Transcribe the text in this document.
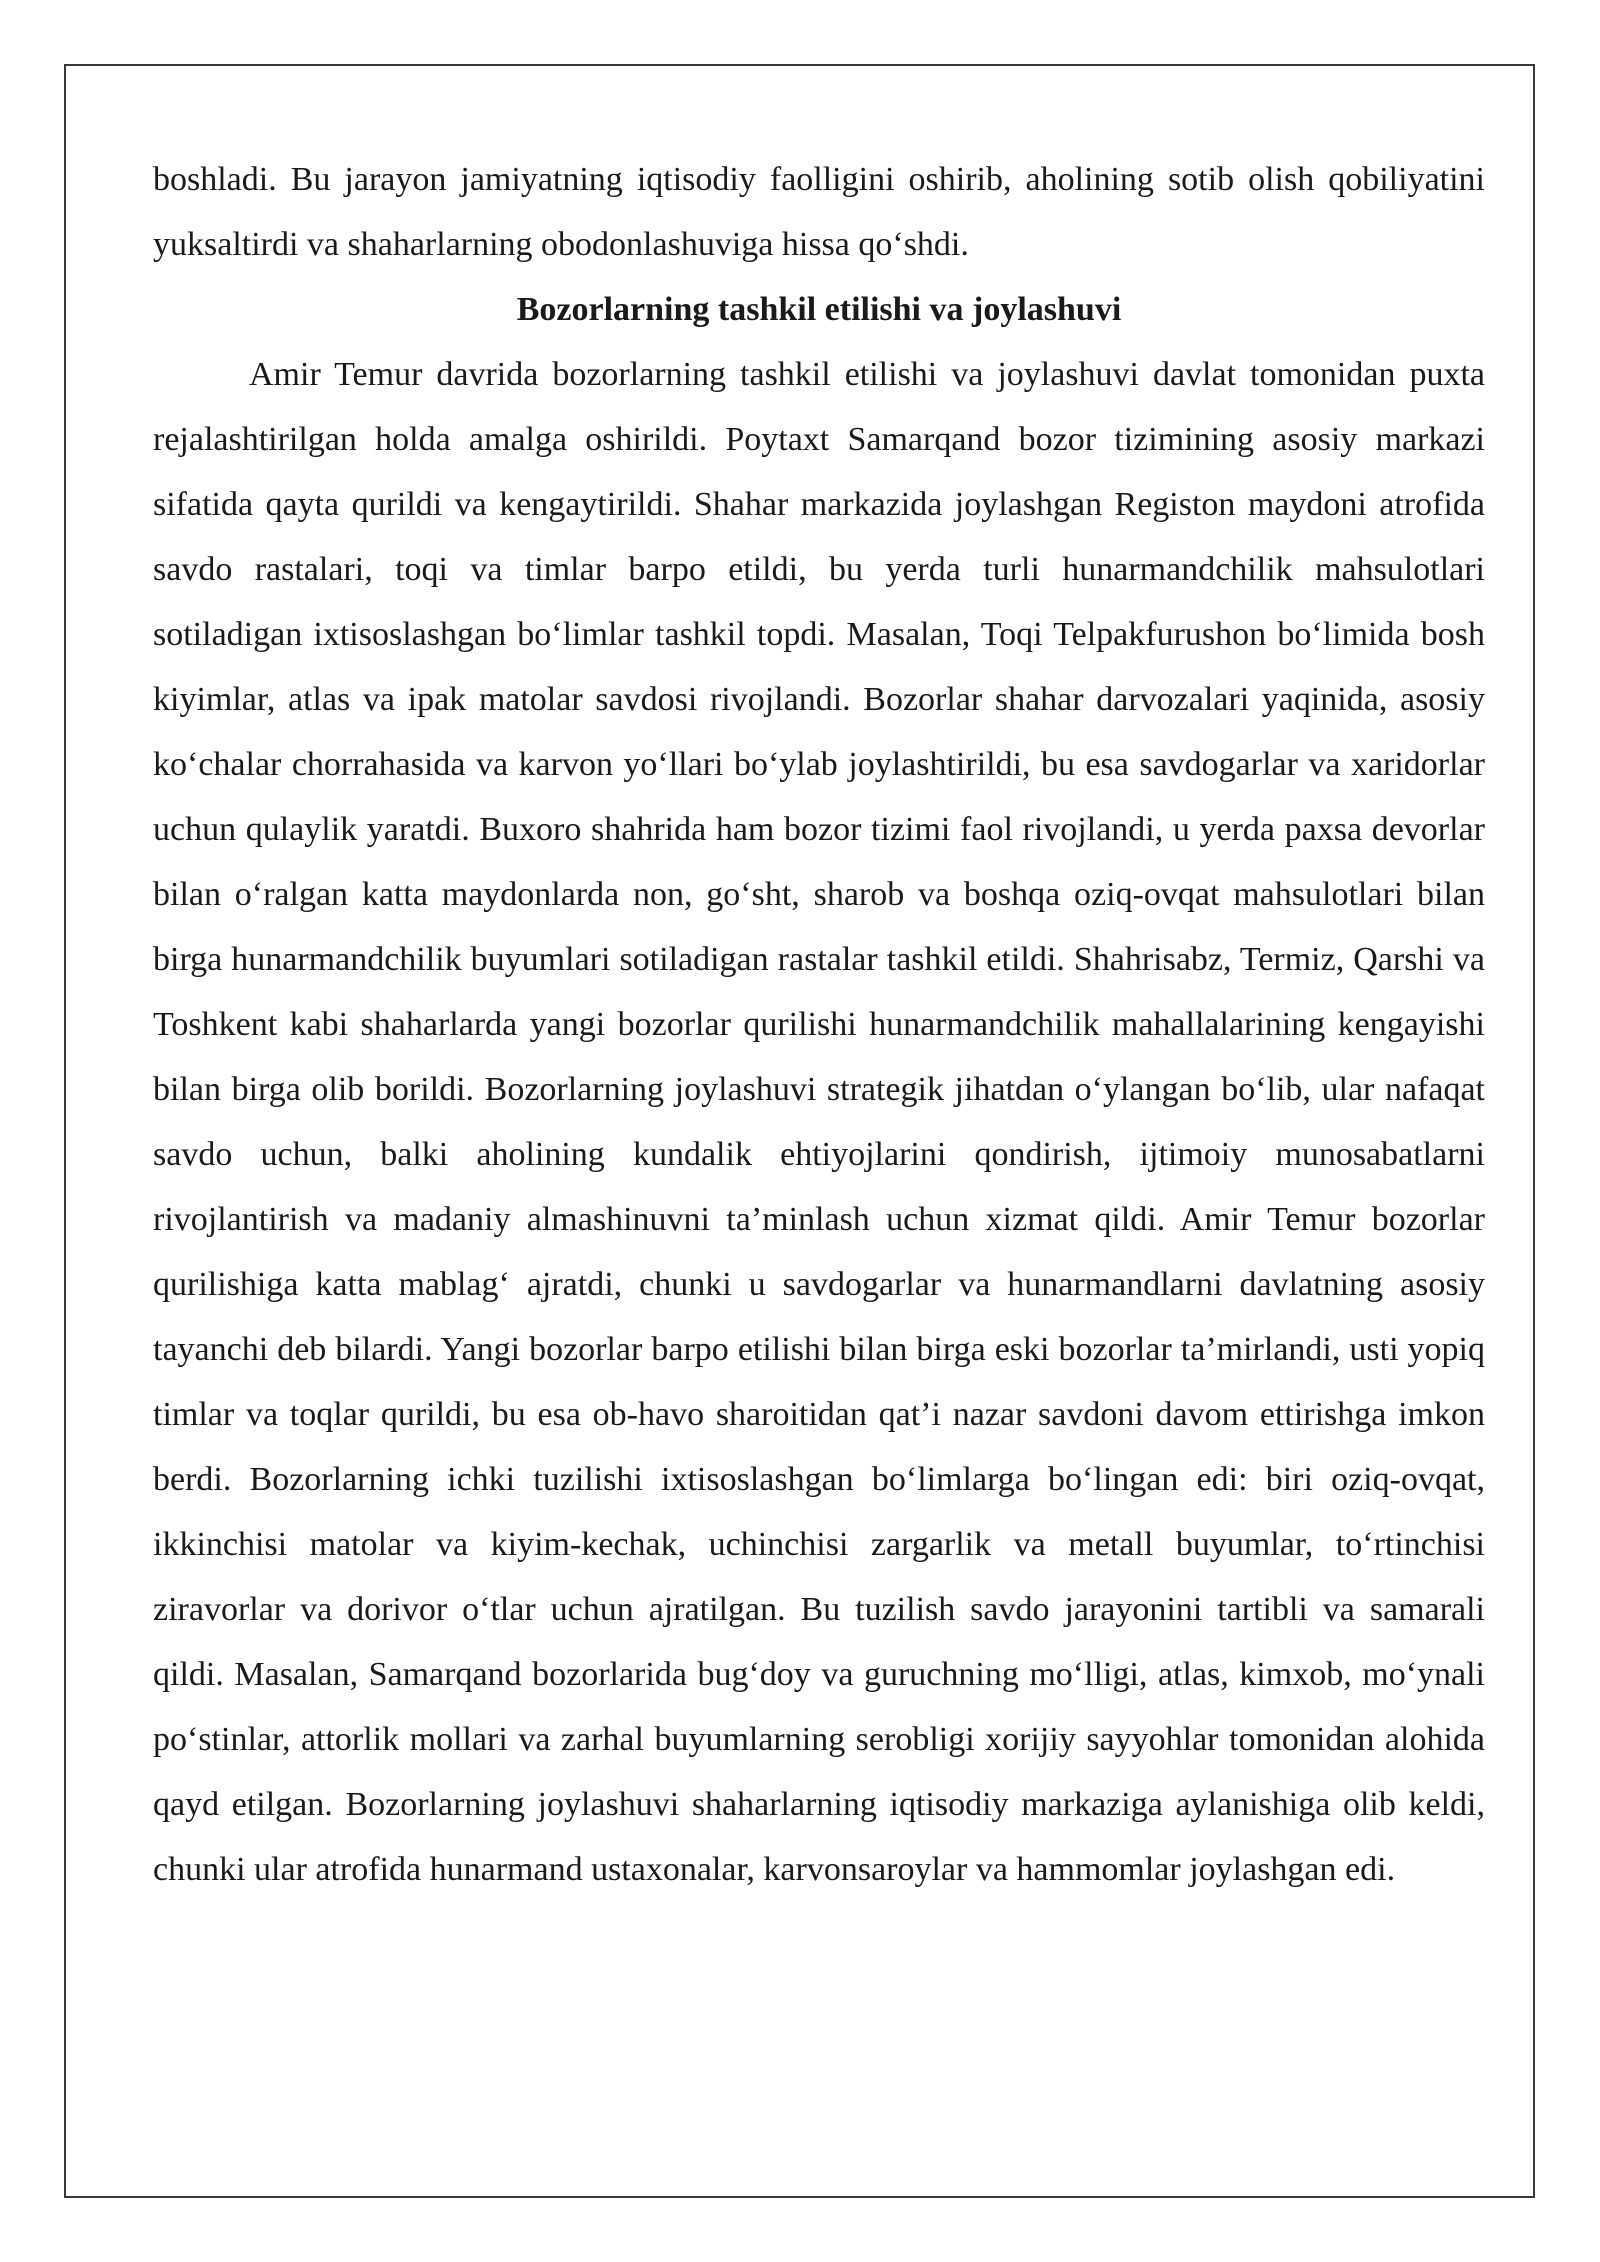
boshladi. Bu jarayon jamiyatning iqtisodiy faolligini oshirib, aholining sotib olish qobiliyatini yuksaltirdi va shaharlarning obodonlashuviga hissa qo‘shdi.

Bozorlarning tashkil etilishi va joylashuvi

Amir Temur davrida bozorlarning tashkil etilishi va joylashuvi davlat tomonidan puxta rejalashtirilgan holda amalga oshirildi. Poytaxt Samarqand bozor tizimining asosiy markazi sifatida qayta qurildi va kengaytirildi. Shahar markazida joylashgan Registon maydoni atrofida savdo rastalari, toqi va timlar barpo etildi, bu yerda turli hunarmandchilik mahsulotlari sotiladigan ixtisoslashgan bo‘limlar tashkil topdi. Masalan, Toqi Telpakfurushon bo‘limida bosh kiyimlar, atlas va ipak matolar savdosi rivojlandi. Bozorlar shahar darvozalari yaqinida, asosiy ko‘chalar chorrahasida va karvon yo‘llari bo‘ylab joylashtirildi, bu esa savdogarlar va xaridorlar uchun qulaylik yaratdi. Buxoro shahrida ham bozor tizimi faol rivojlandi, u yerda paxsa devorlar bilan o‘ralgan katta maydonlarda non, go‘sht, sharob va boshqa oziq-ovqat mahsulotlari bilan birga hunarmandchilik buyumlari sotiladigan rastalar tashkil etildi. Shahrisabz, Termiz, Qarshi va Toshkent kabi shaharlarda yangi bozorlar qurilishi hunarmandchilik mahallalarining kengayishi bilan birga olib borildi. Bozorlarning joylashuvi strategik jihatdan o‘ylangan bo‘lib, ular nafaqat savdo uchun, balki aholining kundalik ehtiyojlarini qondirish, ijtimoiy munosabatlarni rivojlantirish va madaniy almashinuvni ta’minlash uchun xizmat qildi. Amir Temur bozorlar qurilishiga katta mablag‘ ajratdi, chunki u savdogarlar va hunarmandlarni davlatning asosiy tayanchi deb bilardi. Yangi bozorlar barpo etilishi bilan birga eski bozorlar ta’mirlandi, usti yopiq timlar va toqlar qurildi, bu esa ob-havo sharoitidan qat’i nazar savdoni davom ettirishga imkon berdi. Bozorlarning ichki tuzilishi ixtisoslashgan bo‘limlarga bo‘lingan edi: biri oziq-ovqat, ikkinchisi matolar va kiyim-kechak, uchinchisi zargarlik va metall buyumlar, to‘rtinchisi ziravorlar va dorivor o‘tlar uchun ajratilgan. Bu tuzilish savdo jarayonini tartibli va samarali qildi. Masalan, Samarqand bozorlarida bug‘doy va guruchning mo‘lligi, atlas, kimxob, mo‘ynali po‘stinlar, attorlik mollari va zarhal buyumlarning serobligi xorijiy sayyohlar tomonidan alohida qayd etilgan. Bozorlarning joylashuvi shaharlarning iqtisodiy markaziga aylanishiga olib keldi, chunki ular atrofida hunarmand ustaxonalar, karvonsaroylar va hammomlar joylashgan edi.
